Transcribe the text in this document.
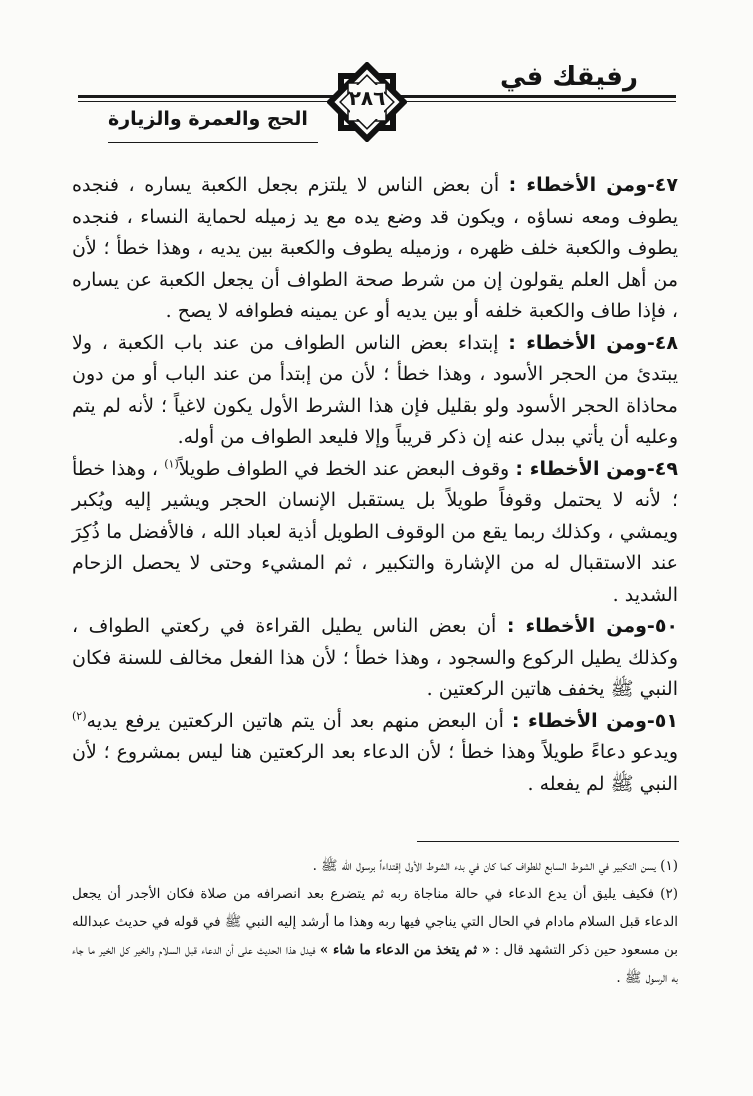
رفيقك في
٢٨٦
الحج والعمرة والزيارة

٤٧-ومن الأخطاء : أن بعض الناس لا يلتزم بجعل الكعبة يساره ، فنجده يطوف ومعه نساؤه ، ويكون قد وضع يده مع يد زميله لحماية النساء ، فنجده يطوف والكعبة خلف ظهره ، وزميله يطوف والكعبة بين يديه ، وهذا خطأ ؛ لأن من أهل العلم يقولون إن من شرط صحة الطواف أن يجعل الكعبة عن يساره ، فإذا طاف والكعبة خلفه أو بين يديه أو عن يمينه فطوافه لا يصح .

٤٨-ومن الأخطاء : إبتداء بعض الناس الطواف من عند باب الكعبة ، ولا يبتدئ من الحجر الأسود ، وهذا خطأ ؛ لأن من إبتدأ من عند الباب أو من دون محاذاة الحجر الأسود ولو بقليل فإن هذا الشرط الأول يكون لاغياً ؛ لأنه لم يتم وعليه أن يأتي ببدل عنه إن ذكر قريباً وإلا فليعد الطواف من أوله.

٤٩-ومن الأخطاء : وقوف البعض عند الخط في الطواف طويلاً$^{(١)}$ ، وهذا خطأ ؛ لأنه لا يحتمل وقوفاً طويلاً بل يستقبل الإنسان الحجر ويشير إليه ويُكبر ويمشي ، وكذلك ربما يقع من الوقوف الطويل أذية لعباد الله ، فالأفضل ما ذُكِرَ عند الاستقبال له من الإشارة والتكبير ، ثم المشيء وحتى لا يحصل الزحام الشديد .

٥٠-ومن الأخطاء : أن بعض الناس يطيل القراءة في ركعتي الطواف ، وكذلك يطيل الركوع والسجود ، وهذا خطأ ؛ لأن هذا الفعل مخالف للسنة فكان النبي ﷺ يخفف هاتين الركعتين .

٥١-ومن الأخطاء : أن البعض منهم بعد أن يتم هاتين الركعتين يرفع يديه$^{(٢)}$ ويدعو دعاءً طويلاً وهذا خطأ ؛ لأن الدعاء بعد الركعتين هنا ليس بمشروع ؛ لأن النبي ﷺ لم يفعله .

(١) يسن التكبير في الشوط السابع للطواف كما كان في بدء الشوط الأول إقتداءاً برسول الله ﷺ .

(٢) فكيف يليق أن يدع الدعاء في حالة مناجاة ربه ثم يتضرع بعد انصرافه من صلاة فكان الأجدر أن يجعل الدعاء قبل السلام مادام في الحال التي يناجي فيها ربه وهذا ما أرشد إليه النبي ﷺ في قوله في حديث عبدالله بن مسعود حين ذكر التشهد قال : « ثم يتخذ من الدعاء ما شاء » فيدل هذا الحديث على أن الدعاء قبل السلام والخير كل الخير ما جاء به الرسول ﷺ .
